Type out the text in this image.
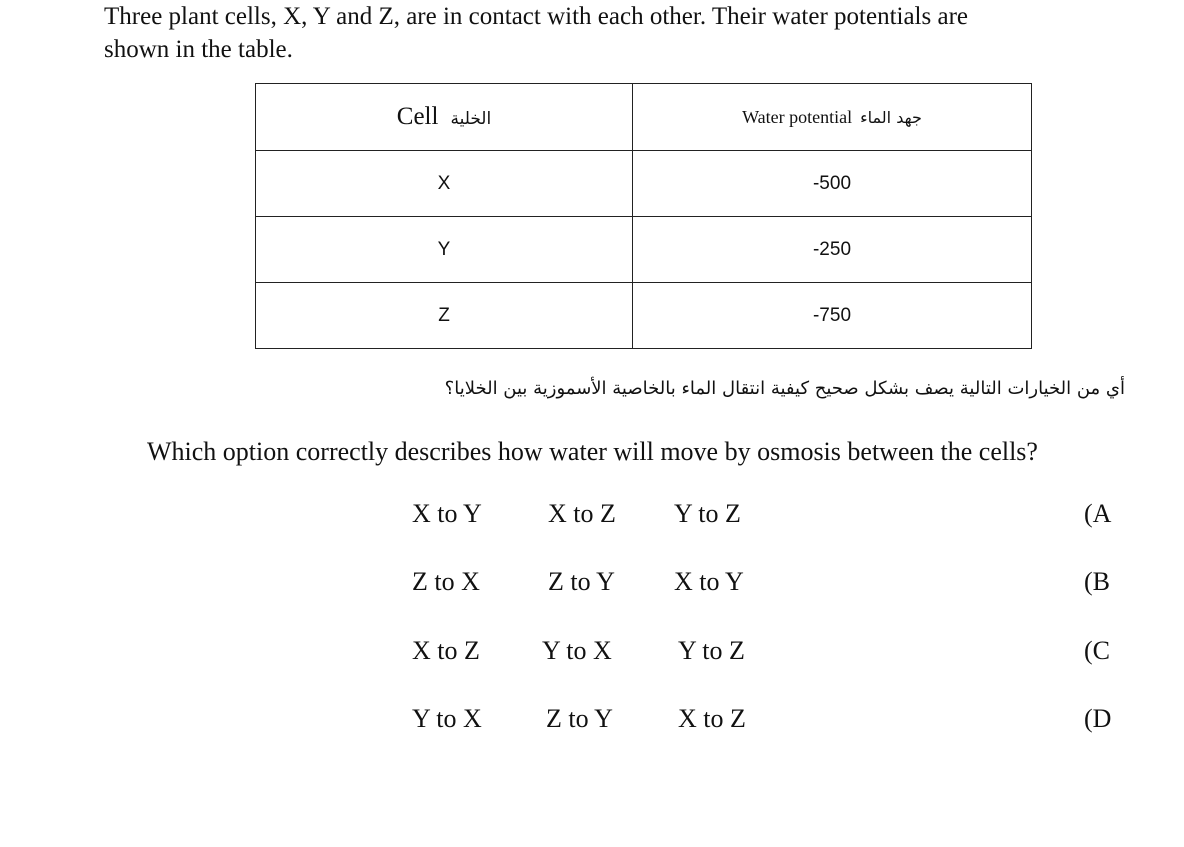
Three plant cells, X, Y and Z, are in contact with each other. Their water potentials are
shown in the table.
Cell الخلية	Water potential جهد الماء
X	-500
Y	-250
Z	-750
أي من الخيارات التالية يصف بشكل صحيح كيفية انتقال الماء بالخاصية الأسموزية بين الخلايا؟
Which option correctly describes how water will move by osmosis between the cells?
X to Y	X to Z Y to Z	(A
Z to X	Z to Y X to Y	(B
X to Z Y to X	Y to Z	(C
Y to X Z to Y	X to Z	(D
